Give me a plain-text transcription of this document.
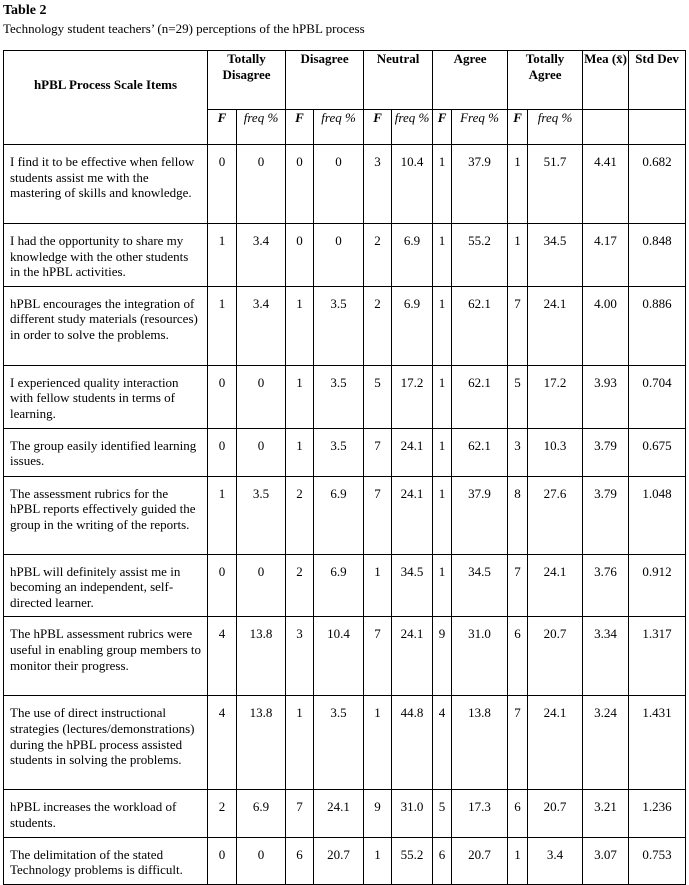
Table 2
Technology student teachers’ (n=29) perceptions of the hPBL process
hPBL Process Scale Items	Totally Disagree		Disagree		Neutral		Agree		Totally Agree		Mea (x̄)	Std Dev
	F	freq %	F	freq %	F	freq %	F	Freq %	F	freq %		
I find it to be effective when fellow students assist me with the mastering of skills and knowledge.	0	0	0	0	3	10.4	1	37.9	1	51.7	4.41	0.682
I had the opportunity to share my knowledge with the other students in the hPBL activities.	1	3.4	0	0	2	6.9	1	55.2	1	34.5	4.17	0.848
hPBL encourages the integration of different study materials (resources) in order to solve the problems.	1	3.4	1	3.5	2	6.9	1	62.1	7	24.1	4.00	0.886
I experienced quality interaction with fellow students in terms of learning.	0	0	1	3.5	5	17.2	1	62.1	5	17.2	3.93	0.704
The group easily identified learning issues.	0	0	1	3.5	7	24.1	1	62.1	3	10.3	3.79	0.675
The assessment rubrics for the hPBL reports effectively guided the group in the writing of the reports.	1	3.5	2	6.9	7	24.1	1	37.9	8	27.6	3.79	1.048
hPBL will definitely assist me in becoming an independent, self-directed learner.	0	0	2	6.9	1	34.5	1	34.5	7	24.1	3.76	0.912
The hPBL assessment rubrics were useful in enabling group members to monitor their progress.	4	13.8	3	10.4	7	24.1	9	31.0	6	20.7	3.34	1.317
The use of direct instructional strategies (lectures/demonstrations) during the hPBL process assisted students in solving the problems.	4	13.8	1	3.5	1	44.8	4	13.8	7	24.1	3.24	1.431
hPBL increases the workload of students.	2	6.9	7	24.1	9	31.0	5	17.3	6	20.7	3.21	1.236
The delimitation of the stated Technology problems is difficult.	0	0	6	20.7	1	55.2	6	20.7	1	3.4	3.07	0.753
